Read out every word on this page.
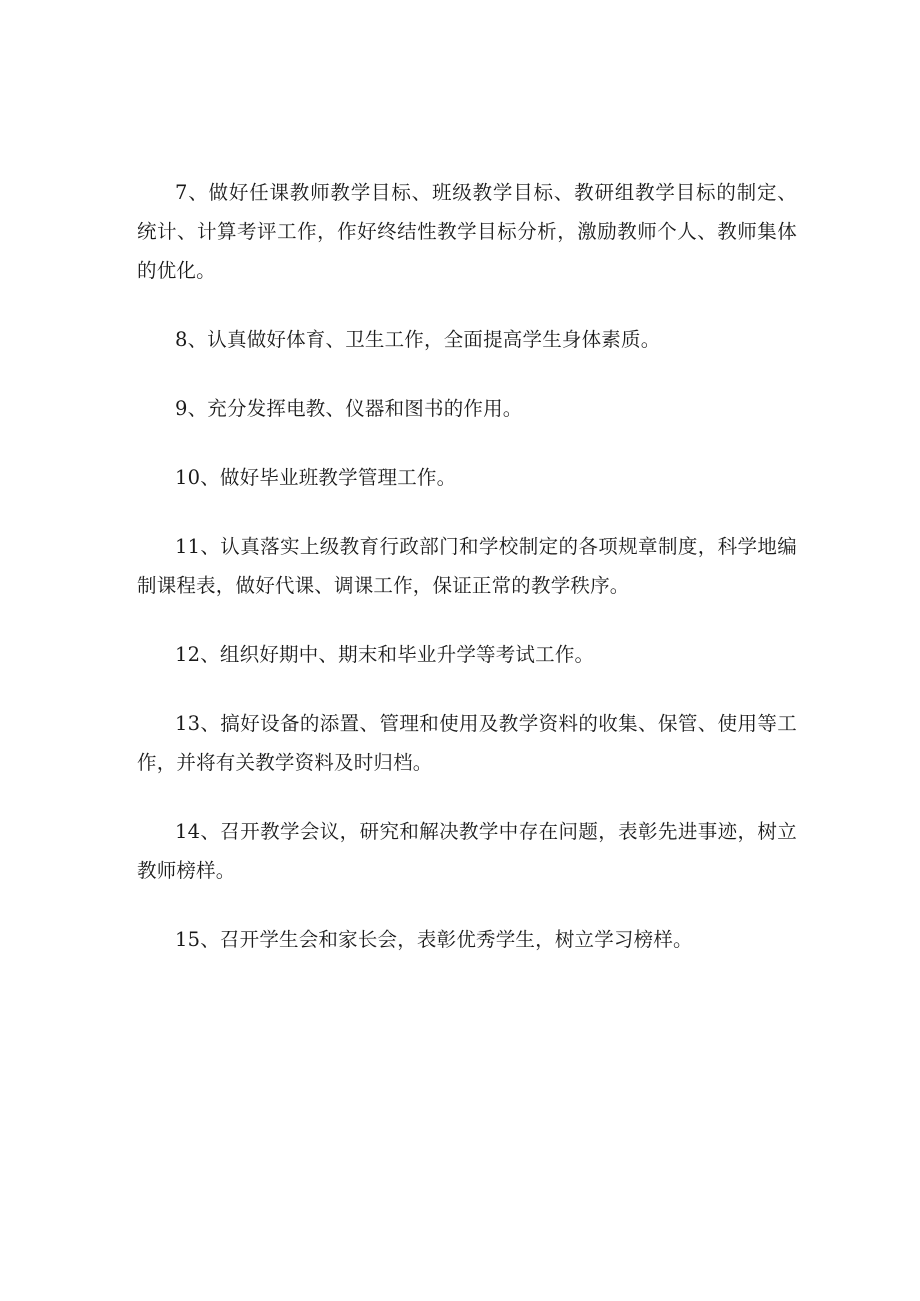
7、做好任课教师教学目标、班级教学目标、教研组教学目标的制定、统计、计算考评工作，作好终结性教学目标分析，激励教师个人、教师集体的优化。

8、认真做好体育、卫生工作，全面提高学生身体素质。

9、充分发挥电教、仪器和图书的作用。

10、做好毕业班教学管理工作。

11、认真落实上级教育行政部门和学校制定的各项规章制度，科学地编制课程表，做好代课、调课工作，保证正常的教学秩序。

12、组织好期中、期末和毕业升学等考试工作。

13、搞好设备的添置、管理和使用及教学资料的收集、保管、使用等工作，并将有关教学资料及时归档。

14、召开教学会议，研究和解决教学中存在问题，表彰先进事迹，树立教师榜样。

15、召开学生会和家长会，表彰优秀学生，树立学习榜样。
